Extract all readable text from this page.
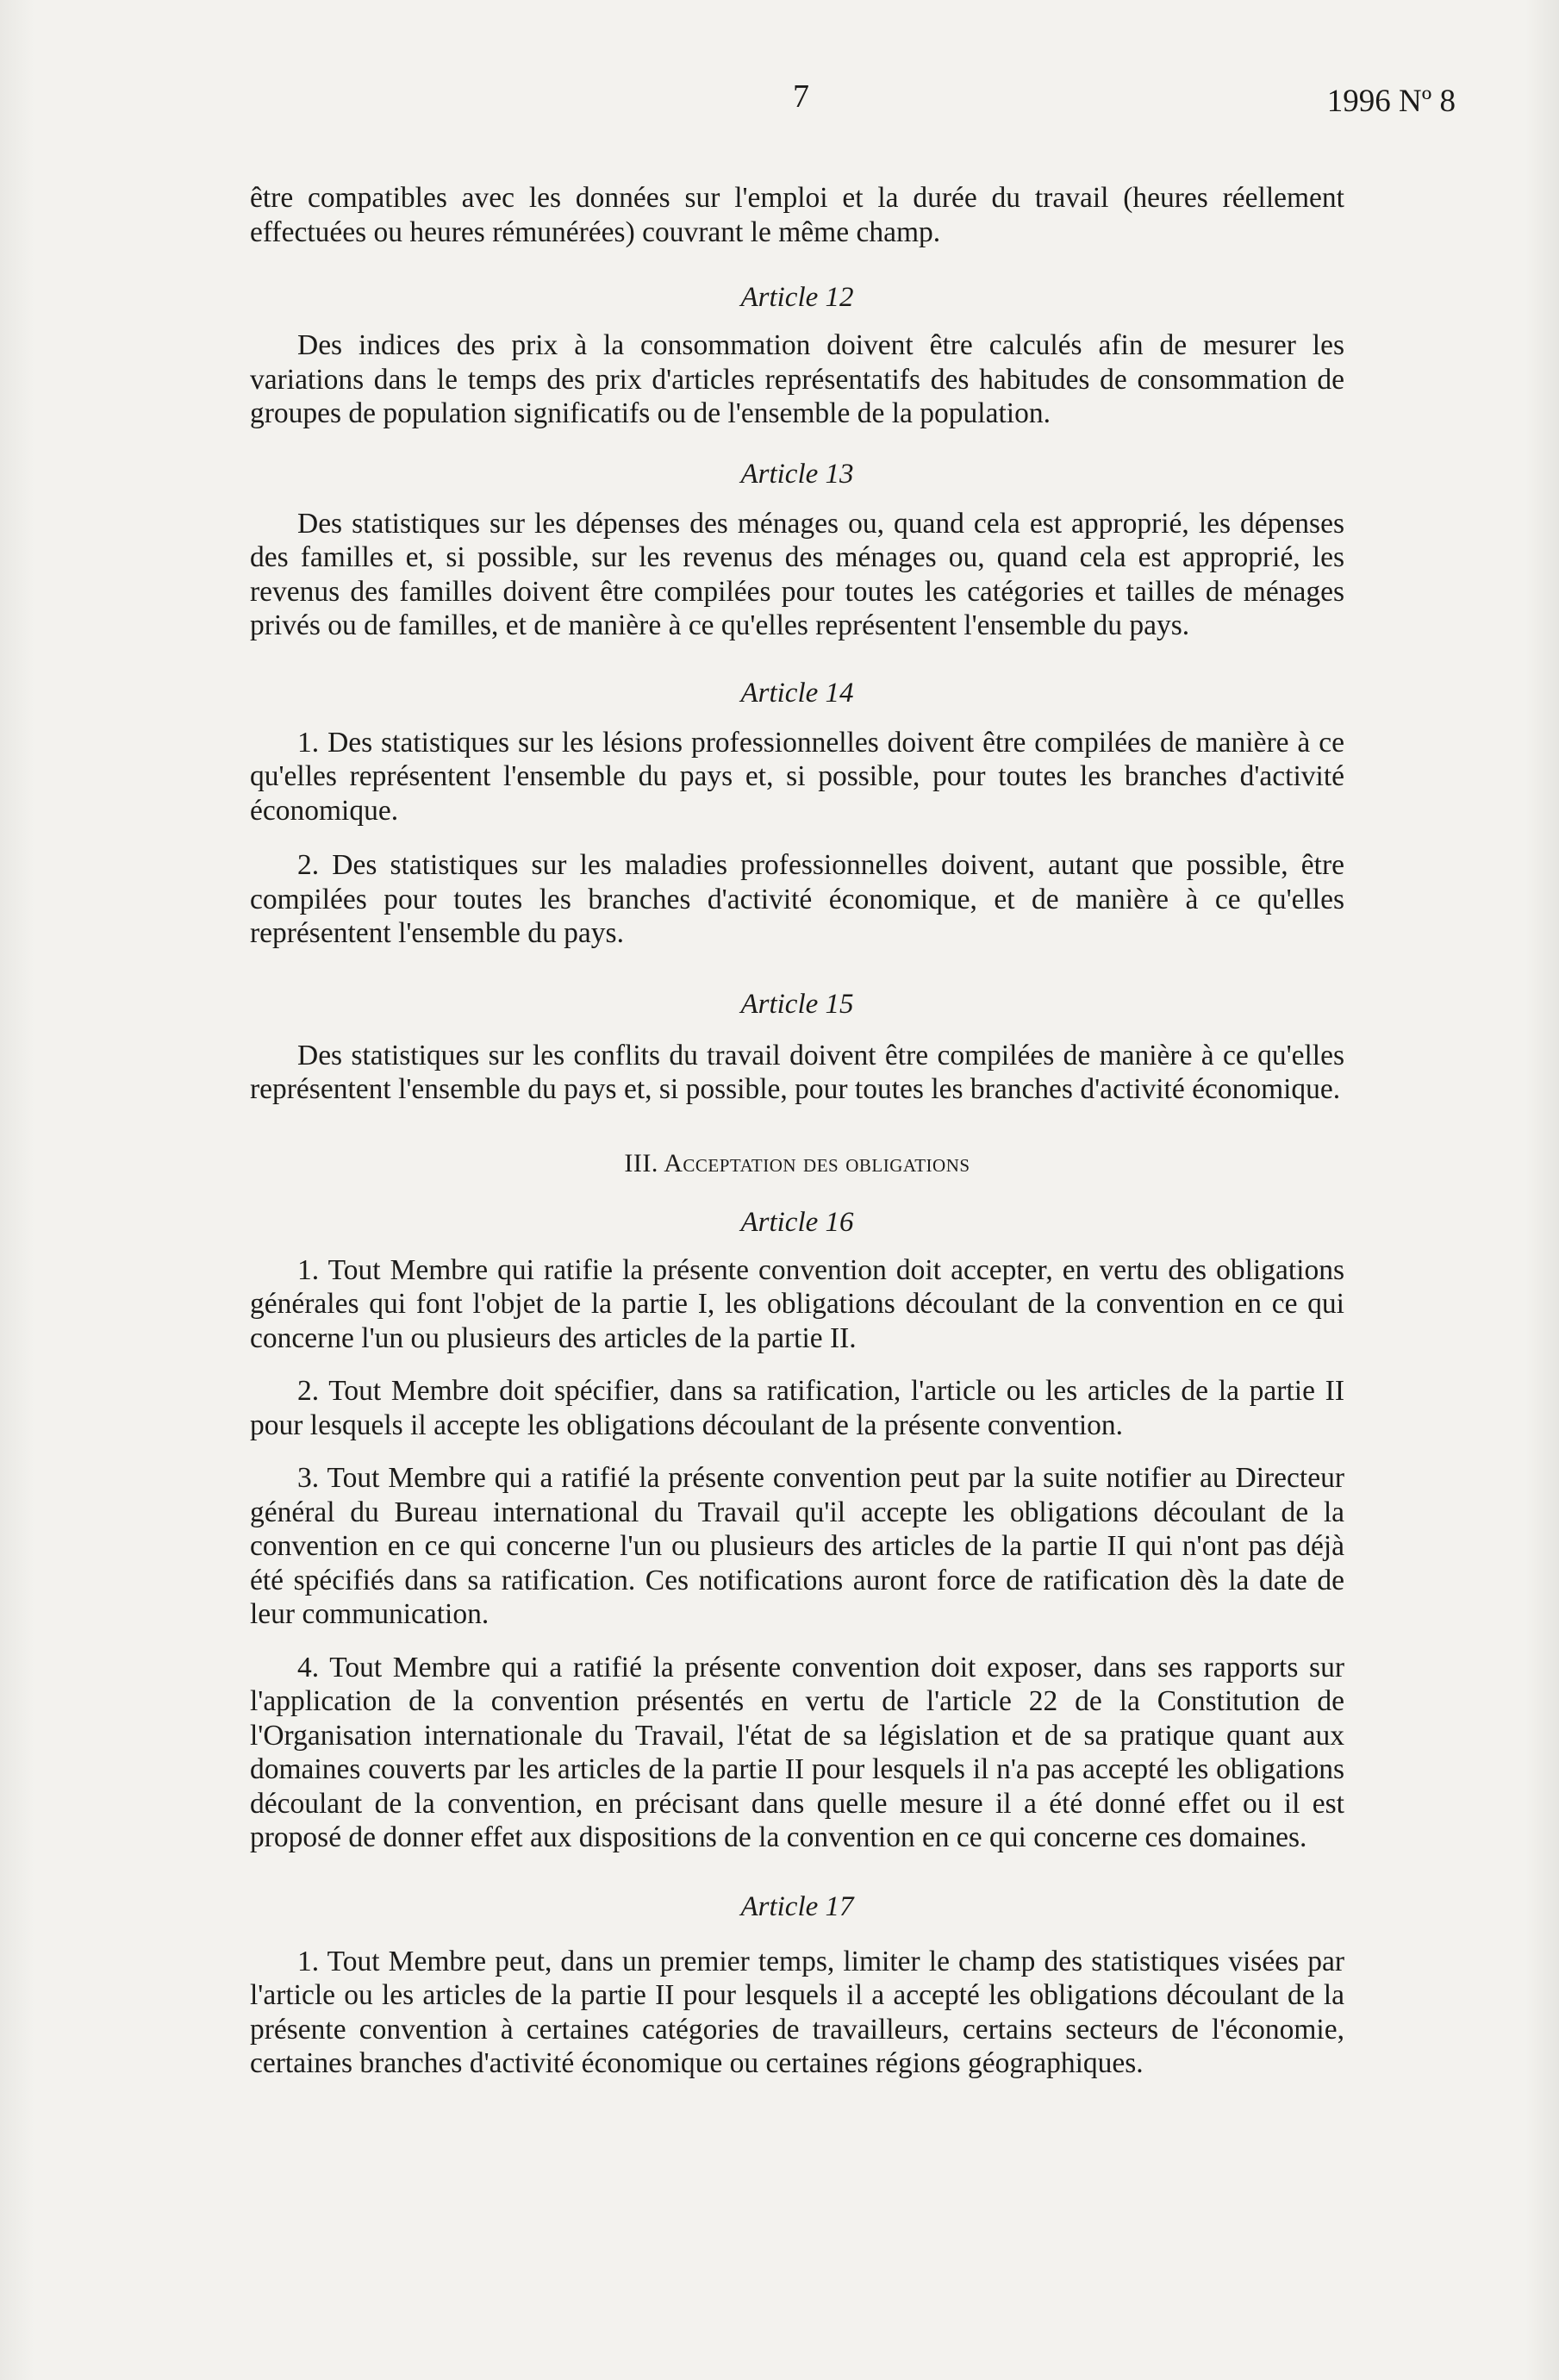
7	1996 Nº 8

être compatibles avec les données sur l'emploi et la durée du travail (heures réellement effectuées ou heures rémunérées) couvrant le même champ.

Article 12

Des indices des prix à la consommation doivent être calculés afin de mesurer les variations dans le temps des prix d'articles représentatifs des habitudes de consommation de groupes de population significatifs ou de l'ensemble de la population.

Article 13

Des statistiques sur les dépenses des ménages ou, quand cela est approprié, les dépenses des familles et, si possible, sur les revenus des ménages ou, quand cela est approprié, les revenus des familles doivent être compilées pour toutes les catégories et tailles de ménages privés ou de familles, et de manière à ce qu'elles représentent l'ensemble du pays.

Article 14

1. Des statistiques sur les lésions professionnelles doivent être compilées de manière à ce qu'elles représentent l'ensemble du pays et, si possible, pour toutes les branches d'activité économique.

2. Des statistiques sur les maladies professionnelles doivent, autant que possible, être compilées pour toutes les branches d'activité économique, et de manière à ce qu'elles représentent l'ensemble du pays.

Article 15

Des statistiques sur les conflits du travail doivent être compilées de manière à ce qu'elles représentent l'ensemble du pays et, si possible, pour toutes les branches d'activité économique.

III. Acceptation des obligations

Article 16

1. Tout Membre qui ratifie la présente convention doit accepter, en vertu des obligations générales qui font l'objet de la partie I, les obligations découlant de la convention en ce qui concerne l'un ou plusieurs des articles de la partie II.

2. Tout Membre doit spécifier, dans sa ratification, l'article ou les articles de la partie II pour lesquels il accepte les obligations découlant de la présente convention.

3. Tout Membre qui a ratifié la présente convention peut par la suite notifier au Directeur général du Bureau international du Travail qu'il accepte les obligations découlant de la convention en ce qui concerne l'un ou plusieurs des articles de la partie II qui n'ont pas déjà été spécifiés dans sa ratification. Ces notifications auront force de ratification dès la date de leur communication.

4. Tout Membre qui a ratifié la présente convention doit exposer, dans ses rapports sur l'application de la convention présentés en vertu de l'article 22 de la Constitution de l'Organisation internationale du Travail, l'état de sa législation et de sa pratique quant aux domaines couverts par les articles de la partie II pour lesquels il n'a pas accepté les obligations découlant de la convention, en précisant dans quelle mesure il a été donné effet ou il est proposé de donner effet aux dispositions de la convention en ce qui concerne ces domaines.

Article 17

1. Tout Membre peut, dans un premier temps, limiter le champ des statistiques visées par l'article ou les articles de la partie II pour lesquels il a accepté les obligations découlant de la présente convention à certaines catégories de travailleurs, certains secteurs de l'économie, certaines branches d'activité économique ou certaines régions géographiques.
